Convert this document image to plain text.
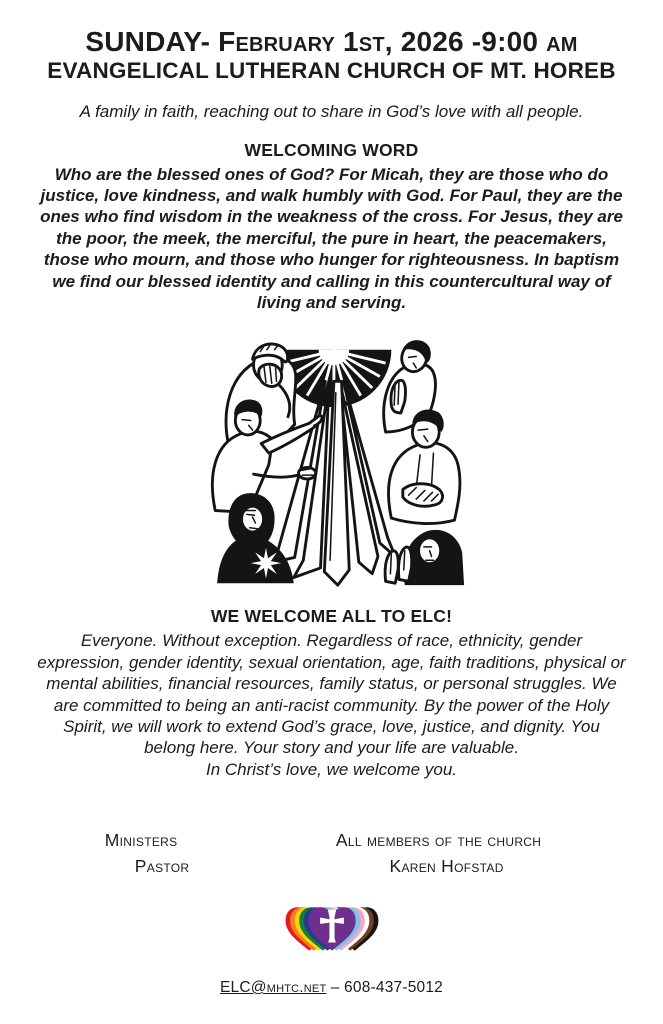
SUNDAY- February 1st, 2026 -9:00 am
EVANGELICAL LUTHERAN CHURCH OF MT. HOREB

A family in faith, reaching out to share in God’s love with all people.

WELCOMING WORD

Who are the blessed ones of God? For Micah, they are those who do justice, love kindness, and walk humbly with God. For Paul, they are the ones who find wisdom in the weakness of the cross. For Jesus, they are the poor, the meek, the merciful, the pure in heart, the peacemakers, those who mourn, and those who hunger for righteousness. In baptism we find our blessed identity and calling in this countercultural way of living and serving.

WE WELCOME ALL TO ELC!

Everyone. Without exception. Regardless of race, ethnicity, gender expression, gender identity, sexual orientation, age, faith traditions, physical or mental abilities, financial resources, family status, or personal struggles. We are committed to being an anti-racist community. By the power of the Holy Spirit, we will work to extend God’s grace, love, justice, and dignity. You belong here. Your story and your life are valuable.
In Christ’s love, we welcome you.

Ministers
Pastor
All members of the church
Karen Hofstad
ELC@mhtc.net – 608-437-5012
